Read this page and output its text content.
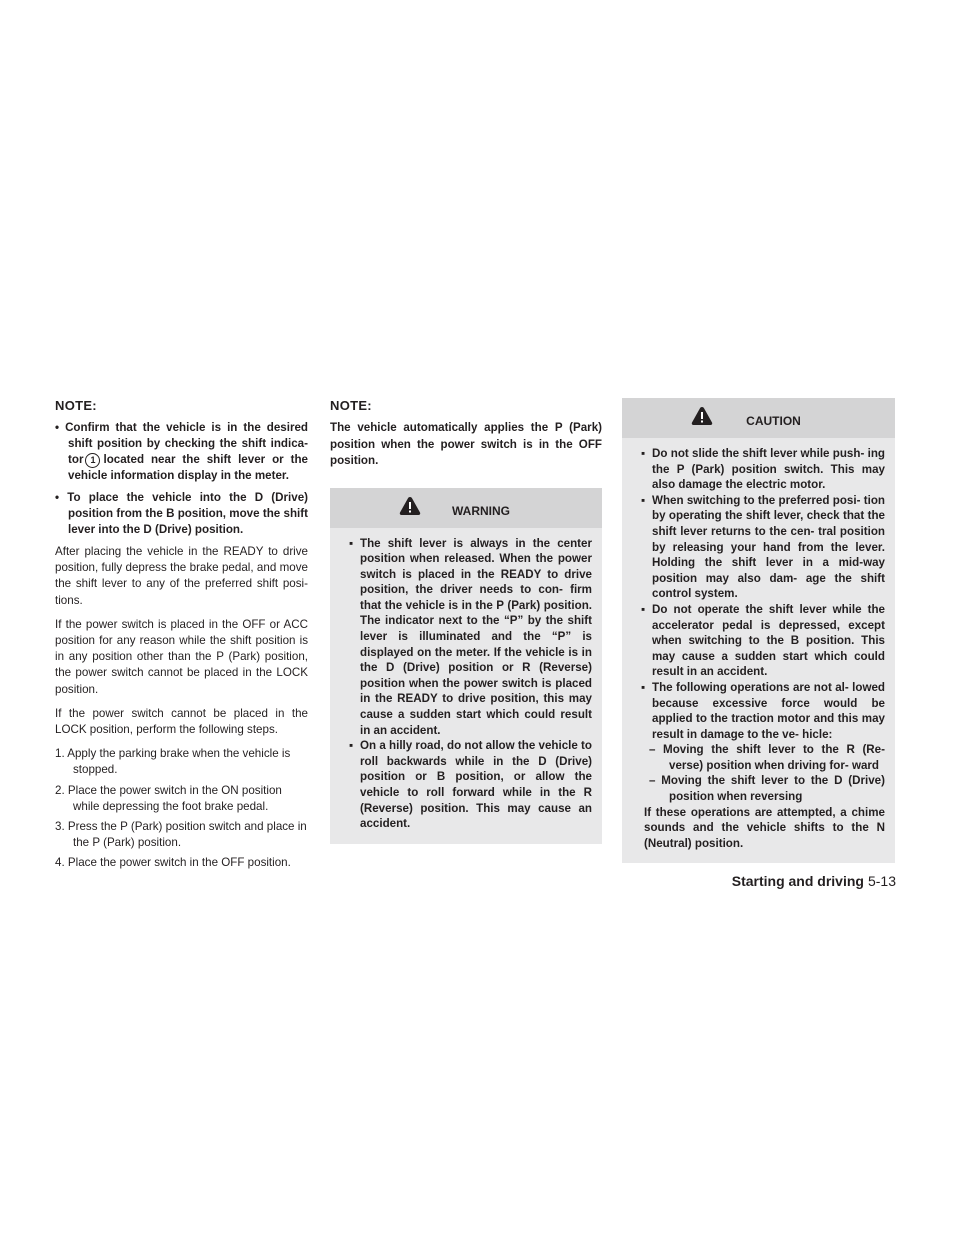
NOTE:

• Confirm that the vehicle is in the desired shift position by checking the shift indica- tor 1 located near the shift lever or the vehicle information display in the meter.

• To place the vehicle into the D (Drive) position from the B position, move the shift lever into the D (Drive) position.

After placing the vehicle in the READY to drive position, fully depress the brake pedal, and move the shift lever to any of the preferred shift posi- tions.

If the power switch is placed in the OFF or ACC position for any reason while the shift position is in any position other than the P (Park) position, the power switch cannot be placed in the LOCK position.

If the power switch cannot be placed in the LOCK position, perform the following steps.

1. Apply the parking brake when the vehicle is stopped.
2. Place the power switch in the ON position while depressing the foot brake pedal.
3. Press the P (Park) position switch and place in the P (Park) position.
4. Place the power switch in the OFF position.
NOTE:

The vehicle automatically applies the P (Park) position when the power switch is in the OFF position.

WARNING

▪ The shift lever is always in the center position when released. When the power switch is placed in the READY to drive position, the driver needs to con- firm that the vehicle is in the P (Park) position. The indicator next to the “P” by the shift lever is illuminated and the “P” is displayed on the meter. If the vehicle is in the D (Drive) position or R (Reverse) position when the power switch is placed in the READY to drive position, this may cause a sudden start which could result in an accident.

▪ On a hilly road, do not allow the vehicle to roll backwards while in the D (Drive) position or B position, or allow the vehicle to roll forward while in the R (Reverse) position. This may cause an accident.

CAUTION

▪ Do not slide the shift lever while push- ing the P (Park) position switch. This may also damage the electric motor.

▪ When switching to the preferred posi- tion by operating the shift lever, check that the shift lever returns to the cen- tral position by releasing your hand from the lever. Holding the shift lever in a mid-way position may also dam- age the shift control system.

▪ Do not operate the shift lever while the accelerator pedal is depressed, except when switching to the B position. This may cause a sudden start which could result in an accident.

▪ The following operations are not al- lowed because excessive force would be applied to the traction motor and this may result in damage to the ve- hicle:

– Moving the shift lever to the R (Re- verse) position when driving for- ward

– Moving the shift lever to the D (Drive) position when reversing

If these operations are attempted, a chime sounds and the vehicle shifts to the N (Neutral) position.

Starting and driving 5-13
